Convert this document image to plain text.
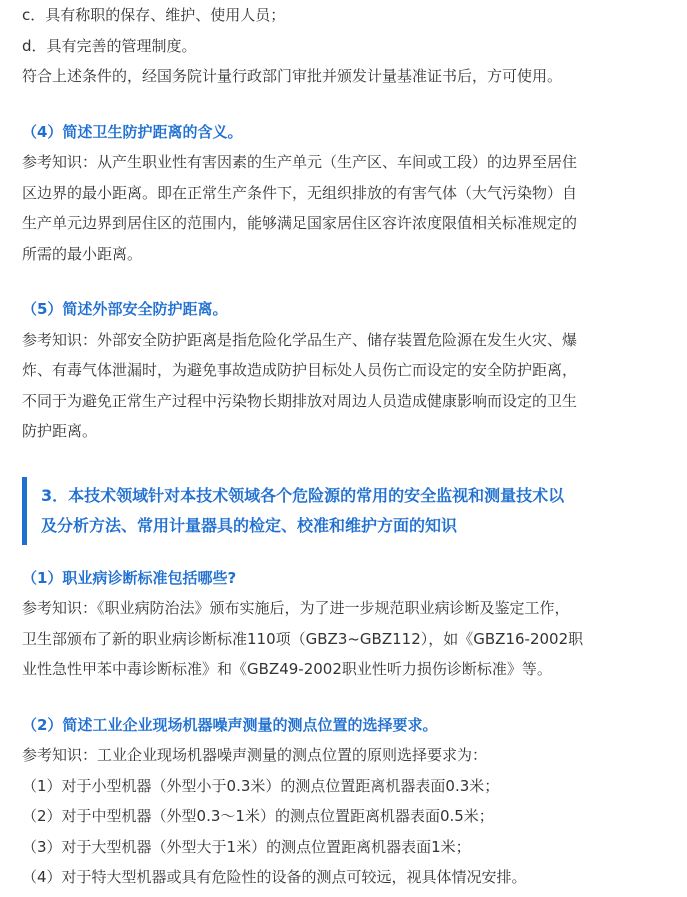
c．具有称职的保存、维护、使用人员；
d．具有完善的管理制度。
符合上述条件的，经国务院计量行政部门审批并颁发计量基准证书后，方可使用。
（4）简述卫生防护距离的含义。
参考知识：从产生职业性有害因素的生产单元（生产区、车间或工段）的边界至居住
区边界的最小距离。即在正常生产条件下，无组织排放的有害气体（大气污染物）自
生产单元边界到居住区的范围内，能够满足国家居住区容许浓度限值相关标准规定的
所需的最小距离。
（5）简述外部安全防护距离。
参考知识：外部安全防护距离是指危险化学品生产、储存装置危险源在发生火灾、爆
炸、有毒气体泄漏时，为避免事故造成防护目标处人员伤亡而设定的安全防护距离，
不同于为避免正常生产过程中污染物长期排放对周边人员造成健康影响而设定的卫生
防护距离。
3．本技术领域针对本技术领域各个危险源的常用的安全监视和测量技术以
及分析方法、常用计量器具的检定、校准和维护方面的知识
（1）职业病诊断标准包括哪些?
参考知识：《职业病防治法》颁布实施后，为了进一步规范职业病诊断及鉴定工作，
卫生部颁布了新的职业病诊断标准110项（GBZ3~GBZ112），如《GBZ16-2002职
业性急性甲苯中毒诊断标准》和《GBZ49-2002职业性听力损伤诊断标准》等。
（2）简述工业企业现场机器噪声测量的测点位置的选择要求。
参考知识：工业企业现场机器噪声测量的测点位置的原则选择要求为：
（1）对于小型机器（外型小于0.3米）的测点位置距离机器表面0.3米；
（2）对于中型机器（外型0.3～1米）的测点位置距离机器表面0.5米；
（3）对于大型机器（外型大于1米）的测点位置距离机器表面1米；
（4）对于特大型机器或具有危险性的设备的测点可较远，视具体情况安排。
